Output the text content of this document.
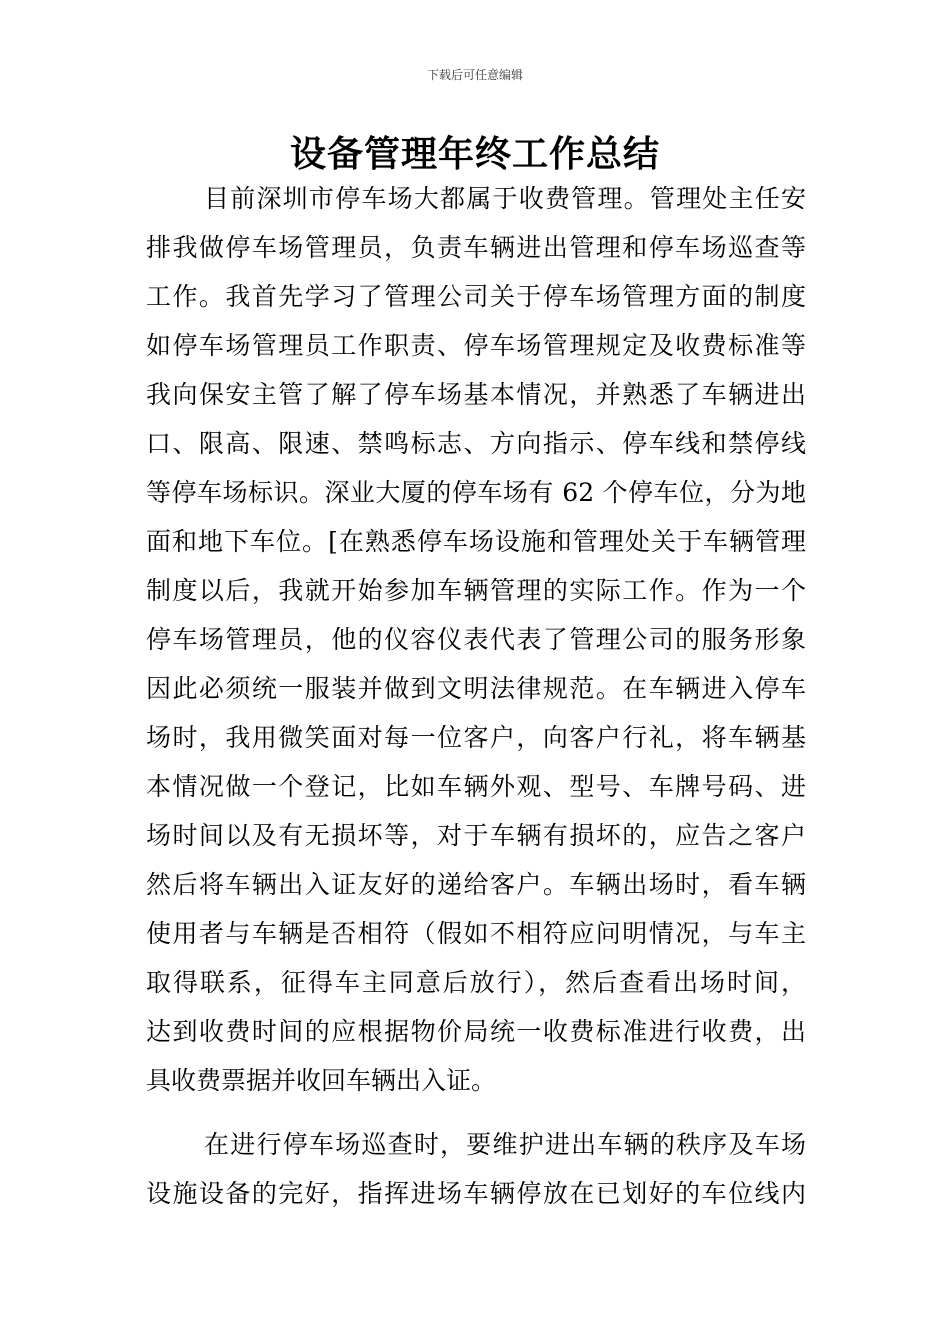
下载后可任意编辑
设备管理年终工作总结
目前深圳市停车场大都属于收费管理。管理处主任安
排我做停车场管理员，负责车辆进出管理和停车场巡查等
工作。我首先学习了管理公司关于停车场管理方面的制度
如停车场管理员工作职责、停车场管理规定及收费标准等
我向保安主管了解了停车场基本情况，并熟悉了车辆进出
口、限高、限速、禁鸣标志、方向指示、停车线和禁停线
等停车场标识。深业大厦的停车场有 62 个停车位，分为地
面和地下车位。[在熟悉停车场设施和管理处关于车辆管理
制度以后，我就开始参加车辆管理的实际工作。作为一个
停车场管理员，他的仪容仪表代表了管理公司的服务形象
因此必须统一服装并做到文明法律规范。在车辆进入停车
场时，我用微笑面对每一位客户，向客户行礼，将车辆基
本情况做一个登记，比如车辆外观、型号、车牌号码、进
场时间以及有无损坏等，对于车辆有损坏的，应告之客户
然后将车辆出入证友好的递给客户。车辆出场时，看车辆
使用者与车辆是否相符（假如不相符应问明情况，与车主
取得联系，征得车主同意后放行），然后查看出场时间，
达到收费时间的应根据物价局统一收费标准进行收费，出
具收费票据并收回车辆出入证。
在进行停车场巡查时，要维护进出车辆的秩序及车场
设施设备的完好，指挥进场车辆停放在已划好的车位线内
